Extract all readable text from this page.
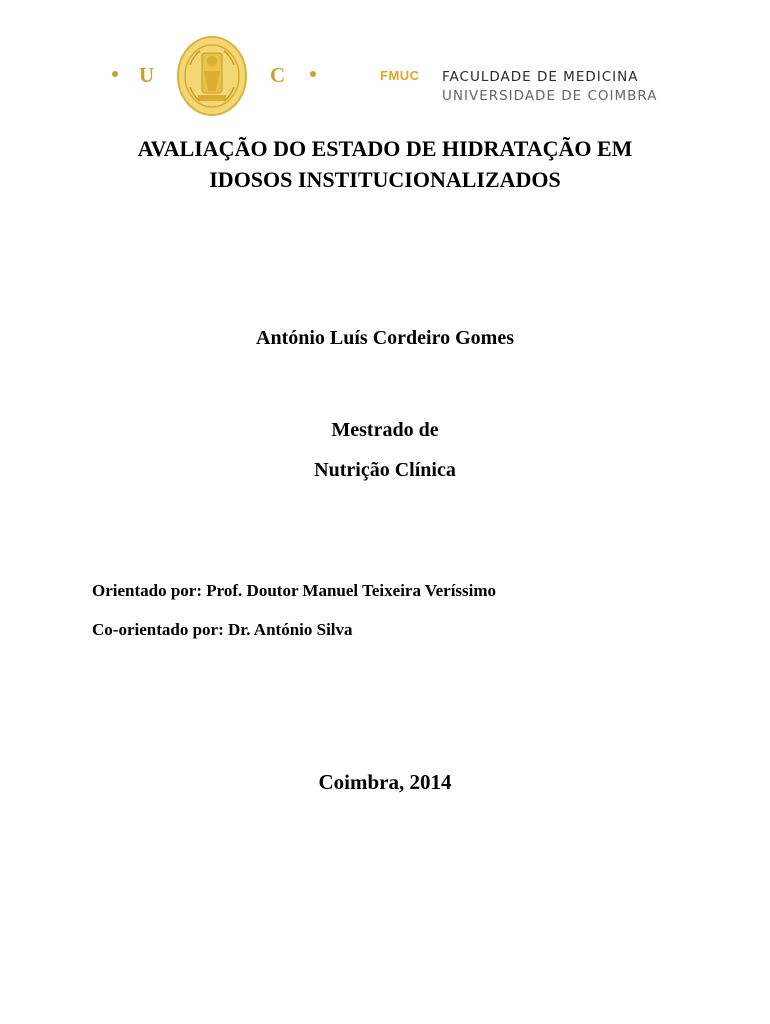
U	C	FMUC FACULDADE DE MEDICINA
UNIVERSIDADE DE COIMBRA
AVALIAÇÃO DO ESTADO DE HIDRATAÇÃO EM
IDOSOS INSTITUCIONALIZADOS
António Luís Cordeiro Gomes
Mestrado de
Nutrição Clínica
Orientado por: Prof. Doutor Manuel Teixeira Veríssimo
Co-orientado por: Dr. António Silva
Coimbra, 2014
